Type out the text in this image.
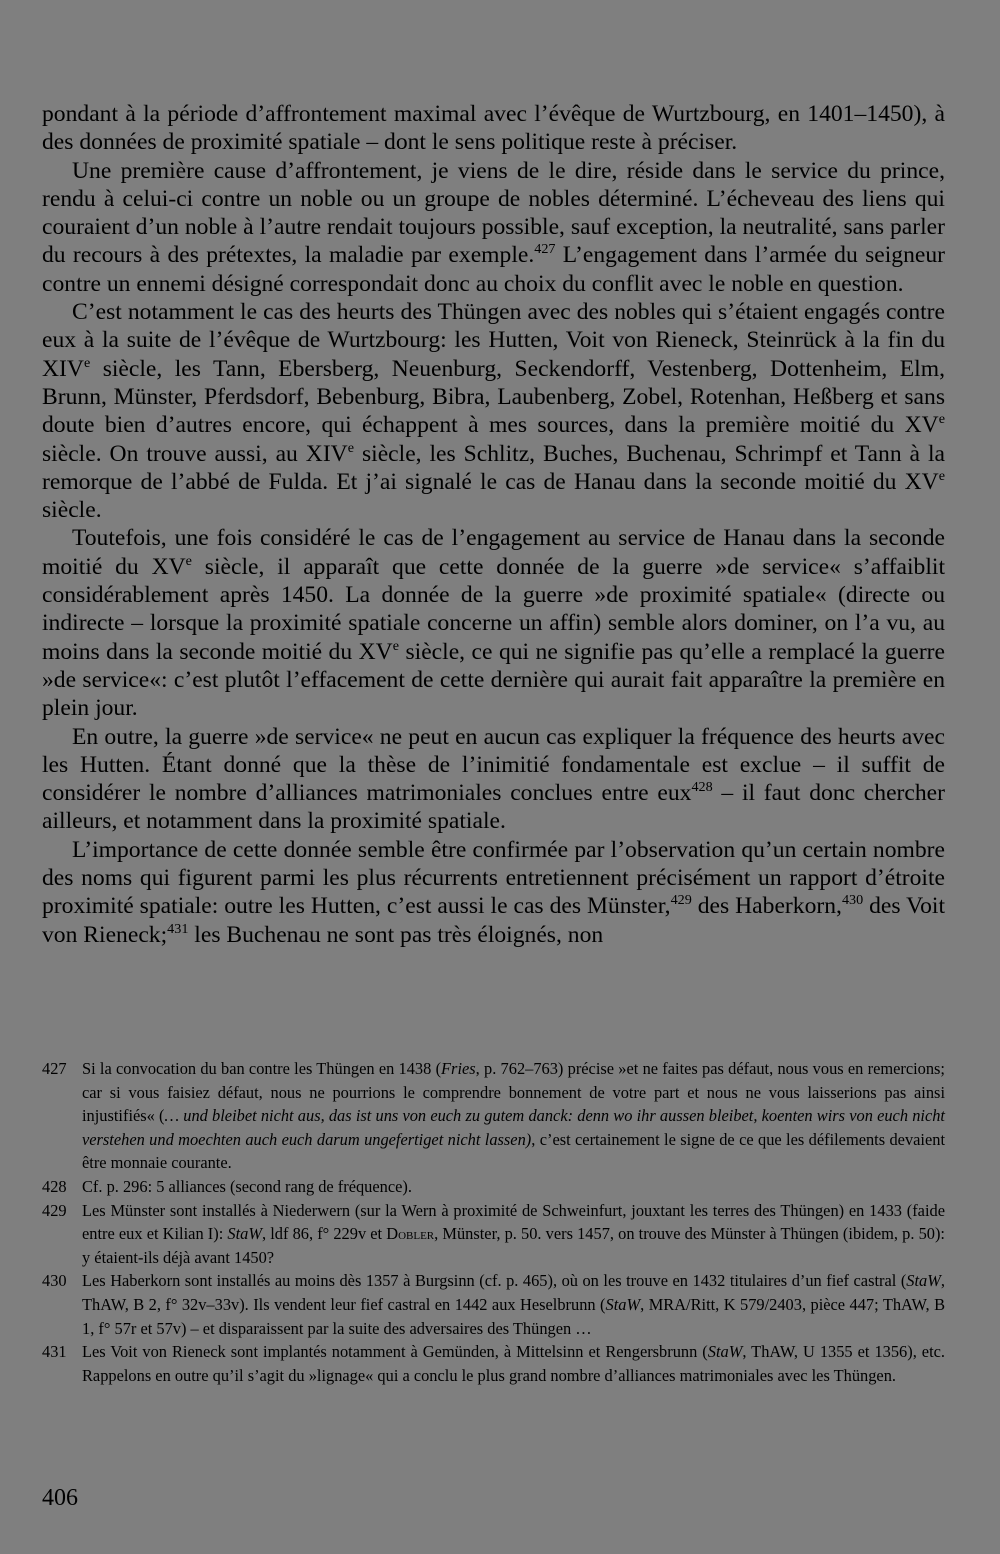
pondant à la période d’affrontement maximal avec l’évêque de Wurtzbourg, en 1401–1450), à des données de proximité spatiale – dont le sens politique reste à préciser.

Une première cause d’affrontement, je viens de le dire, réside dans le service du prince, rendu à celui-ci contre un noble ou un groupe de nobles déterminé. L’écheveau des liens qui couraient d’un noble à l’autre rendait toujours possible, sauf exception, la neutralité, sans parler du recours à des prétextes, la maladie par exemple.$^{427}$ L’engagement dans l’armée du seigneur contre un ennemi désigné correspondait donc au choix du conflit avec le noble en question.

C’est notamment le cas des heurts des Thüngen avec des nobles qui s’étaient engagés contre eux à la suite de l’évêque de Wurtzbourg: les Hutten, Voit von Rieneck, Steinrück à la fin du XIVe siècle, les Tann, Ebersberg, Neuenburg, Seckendorff, Vestenberg, Dottenheim, Elm, Brunn, Münster, Pferdsdorf, Bebenburg, Bibra, Laubenberg, Zobel, Rotenhan, Heßberg et sans doute bien d’autres encore, qui échappent à mes sources, dans la première moitié du XVe siècle. On trouve aussi, au XIVe siècle, les Schlitz, Buches, Buchenau, Schrimpf et Tann à la remorque de l’abbé de Fulda. Et j’ai signalé le cas de Hanau dans la seconde moitié du XVe siècle.

Toutefois, une fois considéré le cas de l’engagement au service de Hanau dans la seconde moitié du XVe siècle, il apparaît que cette donnée de la guerre »de service« s’affaiblit considérablement après 1450. La donnée de la guerre »de proximité spatiale« (directe ou indirecte – lorsque la proximité spatiale concerne un affin) semble alors dominer, on l’a vu, au moins dans la seconde moitié du XVe siècle, ce qui ne signifie pas qu’elle a remplacé la guerre »de service«: c’est plutôt l’effacement de cette dernière qui aurait fait apparaître la première en plein jour.

En outre, la guerre »de service« ne peut en aucun cas expliquer la fréquence des heurts avec les Hutten. Étant donné que la thèse de l’inimitié fondamentale est exclue – il suffit de considérer le nombre d’alliances matrimoniales conclues entre eux$^{428}$ – il faut donc chercher ailleurs, et notamment dans la proximité spatiale.

L’importance de cette donnée semble être confirmée par l’observation qu’un certain nombre des noms qui figurent parmi les plus récurrents entretiennent précisément un rapport d’étroite proximité spatiale: outre les Hutten, c’est aussi le cas des Münster,$^{429}$ des Haberkorn,$^{430}$ des Voit von Rieneck;$^{431}$ les Buchenau ne sont pas très éloignés, non

427 Si la convocation du ban contre les Thüngen en 1438 (Fries, p. 762–763) précise »et ne faites pas défaut, nous vous en remercions; car si vous faisiez défaut, nous ne pourrions le comprendre bonnement de votre part et nous ne vous laisserions pas ainsi injustifiés« (… und bleibet nicht aus, das ist uns von euch zu gutem danck: denn wo ihr aussen bleibet, koenten wirs von euch nicht verstehen und moechten auch euch darum ungefertiget nicht lassen), c’est certainement le signe de ce que les défilements devaient être monnaie courante.
428 Cf. p. 296: 5 alliances (second rang de fréquence).
429 Les Münster sont installés à Niederwern (sur la Wern à proximité de Schweinfurt, jouxtant les terres des Thüngen) en 1433 (faide entre eux et Kilian I): StaW, ldf 86, f° 229v et Dobler, Münster, p. 50. vers 1457, on trouve des Münster à Thüngen (ibidem, p. 50): y étaient-ils déjà avant 1450?
430 Les Haberkorn sont installés au moins dès 1357 à Burgsinn (cf. p. 465), où on les trouve en 1432 titulaires d’un fief castral (StaW, ThAW, B 2, f° 32v–33v). Ils vendent leur fief castral en 1442 aux Heselbrunn (StaW, MRA/Ritt, K 579/2403, pièce 447; ThAW, B 1, f° 57r et 57v) – et disparaissent par la suite des adversaires des Thüngen …
431 Les Voit von Rieneck sont implantés notamment à Gemünden, à Mittelsinn et Rengersbrunn (StaW, ThAW, U 1355 et 1356), etc. Rappelons en outre qu’il s’agit du »lignage« qui a conclu le plus grand nombre d’alliances matrimoniales avec les Thüngen.
406
